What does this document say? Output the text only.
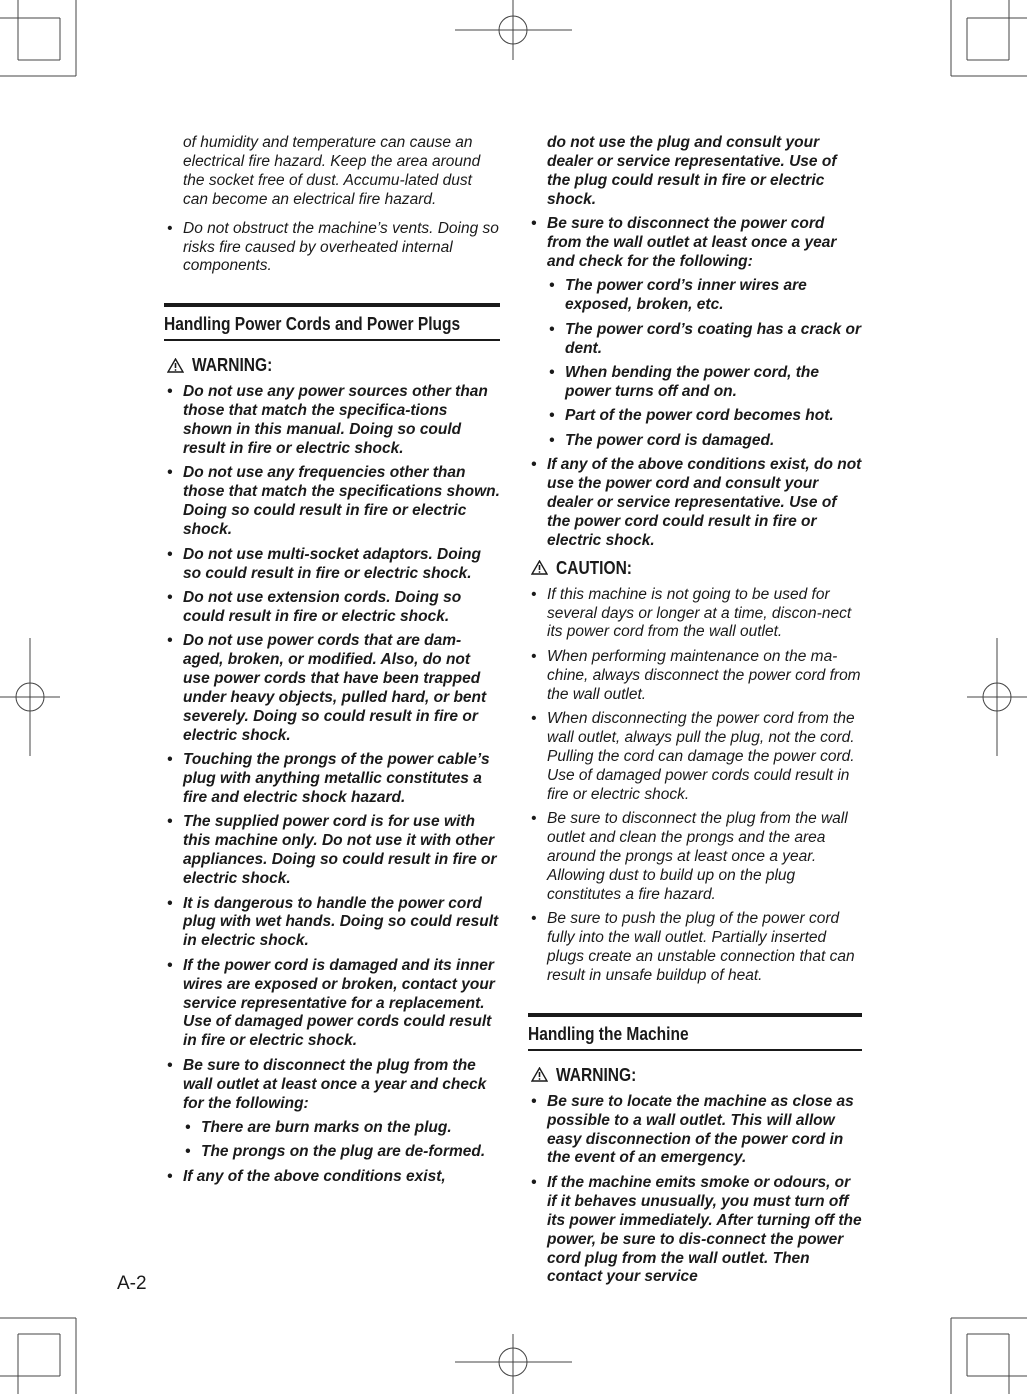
of humidity and temperature can cause an electrical fire hazard. Keep the area around the socket free of dust. Accumu-lated dust can become an electrical fire hazard.

• Do not obstruct the machine’s vents. Doing so risks fire caused by overheated internal components.

Handling Power Cords and Power Plugs
WARNING:

• Do not use any power sources other than those that match the specifica-tions shown in this manual. Doing so could result in fire or electric shock.

• Do not use any frequencies other than those that match the specifications shown. Doing so could result in fire or electric shock.

• Do not use multi-socket adaptors. Doing so could result in fire or electric shock.

• Do not use extension cords. Doing so could result in fire or electric shock.

• Do not use power cords that are dam-aged, broken, or modified. Also, do not use power cords that have been trapped under heavy objects, pulled hard, or bent severely. Doing so could result in fire or electric shock.

• Touching the prongs of the power cable’s plug with anything metallic constitutes a fire and electric shock hazard.

• The supplied power cord is for use with this machine only. Do not use it with other appliances. Doing so could result in fire or electric shock.

• It is dangerous to handle the power cord plug with wet hands. Doing so could result in electric shock.

• If the power cord is damaged and its inner wires are exposed or broken, contact your service representative for a replacement. Use of damaged power cords could result in fire or electric shock.

• Be sure to disconnect the plug from the wall outlet at least once a year and check for the following:

• There are burn marks on the plug.

• The prongs on the plug are de-formed.

• If any of the above conditions exist,

do not use the plug and consult your dealer or service representative. Use of the plug could result in fire or electric shock.

• Be sure to disconnect the power cord from the wall outlet at least once a year and check for the following:

• The power cord’s inner wires are exposed, broken, etc.

• The power cord’s coating has a crack or dent.

• When bending the power cord, the power turns off and on.

• Part of the power cord becomes hot.

• The power cord is damaged.

• If any of the above conditions exist, do not use the power cord and consult your dealer or service representative. Use of the power cord could result in fire or electric shock.

CAUTION:

• If this machine is not going to be used for several days or longer at a time, discon-nect its power cord from the wall outlet.

• When performing maintenance on the ma-chine, always disconnect the power cord from the wall outlet.

• When disconnecting the power cord from the wall outlet, always pull the plug, not the cord. Pulling the cord can damage the power cord. Use of damaged power cords could result in fire or electric shock.

• Be sure to disconnect the plug from the wall outlet and clean the prongs and the area around the prongs at least once a year. Allowing dust to build up on the plug constitutes a fire hazard.

• Be sure to push the plug of the power cord fully into the wall outlet. Partially inserted plugs create an unstable connection that can result in unsafe buildup of heat.

Handling the Machine
WARNING:

• Be sure to locate the machine as close as possible to a wall outlet. This will allow easy disconnection of the power cord in the event of an emergency.

• If the machine emits smoke or odours, or if it behaves unusually, you must turn off its power immediately. After turning off the power, be sure to dis-connect the power cord plug from the wall outlet. Then contact your service

A-2
